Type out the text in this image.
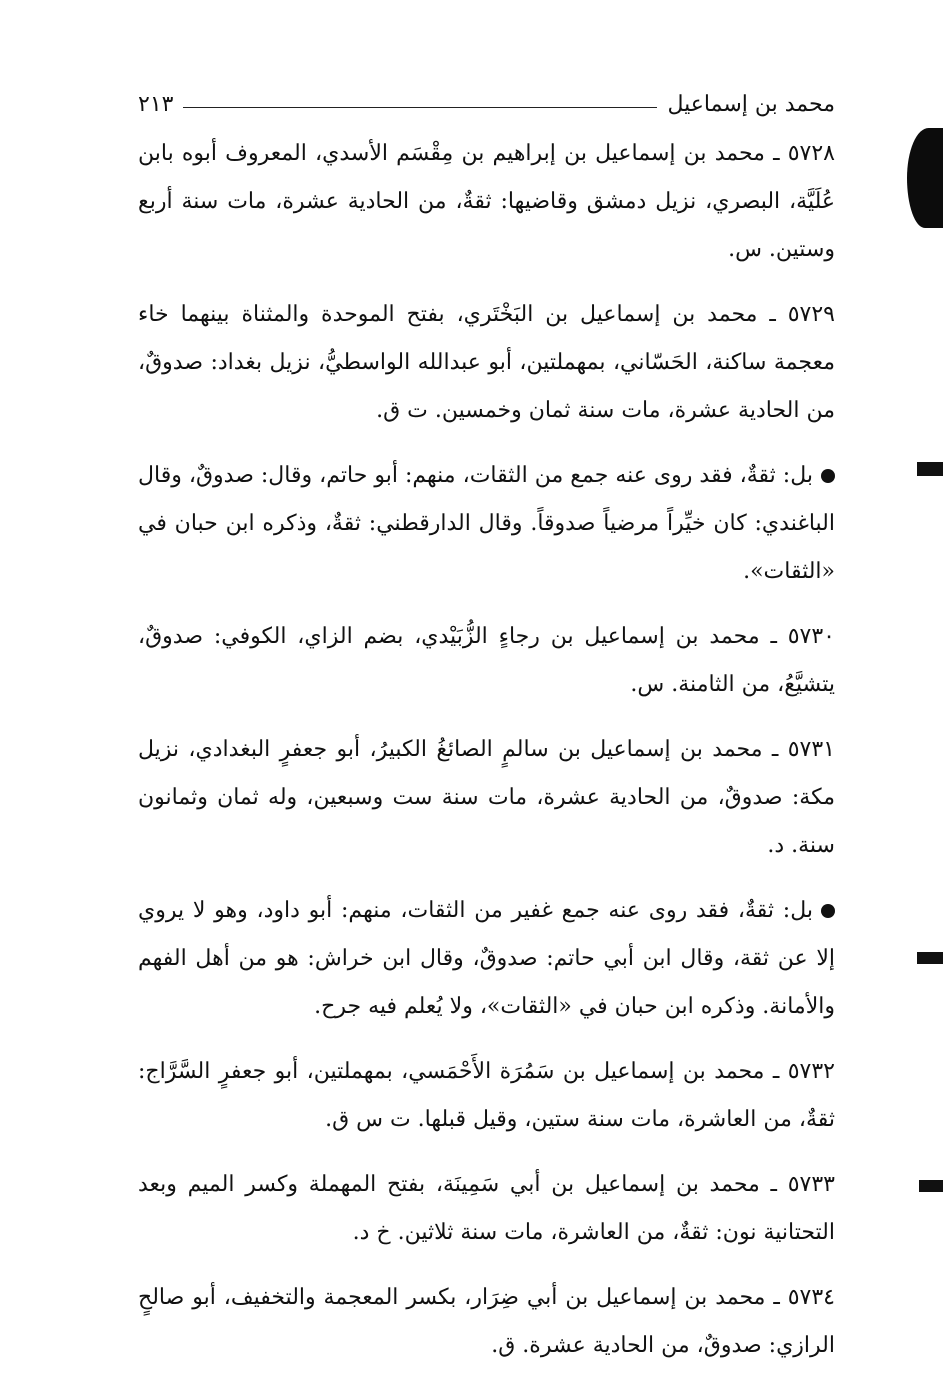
محمد بن إسماعيل
٢١٣

٥٧٢٨ ـ محمد بن إسماعيل بن إبراهيم بن مِقْسَم الأسدي، المعروف أبوه بابن عُلَيَّة، البصري، نزيل دمشق وقاضيها: ثقةٌ، من الحادية عشرة، مات سنة أربع وستين. س.

٥٧٢٩ ـ محمد بن إسماعيل بن البَخْتَري، بفتح الموحدة والمثناة بينهما خاء معجمة ساكنة، الحَسّاني، بمهملتين، أبو عبدالله الواسطيُّ، نزيل بغداد: صدوقٌ، من الحادية عشرة، مات سنة ثمان وخمسين. ت ق.

بل: ثقةٌ، فقد روى عنه جمع من الثقات، منهم: أبو حاتم، وقال: صدوقٌ، وقال الباغندي: كان خيِّراً مرضياً صدوقاً. وقال الدارقطني: ثقةٌ، وذكره ابن حبان في «الثقات».

٥٧٣٠ ـ محمد بن إسماعيل بن رجاءٍ الزُّبَيْدي، بضم الزاي، الكوفي: صدوقٌ، يتشيَّعُ، من الثامنة. س.

٥٧٣١ ـ محمد بن إسماعيل بن سالمٍ الصائغُ الكبيرُ، أبو جعفرٍ البغدادي، نزيل مكة: صدوقٌ، من الحادية عشرة، مات سنة ست وسبعين، وله ثمان وثمانون سنة. د.

بل: ثقةٌ، فقد روى عنه جمع غفير من الثقات، منهم: أبو داود، وهو لا يروي إلا عن ثقة، وقال ابن أبي حاتم: صدوقٌ، وقال ابن خراش: هو من أهل الفهم والأمانة. وذكره ابن حبان في «الثقات»، ولا يُعلم فيه جرح.

٥٧٣٢ ـ محمد بن إسماعيل بن سَمُرَة الأَحْمَسي، بمهملتين، أبو جعفرٍ السَّرَّاج: ثقةٌ، من العاشرة، مات سنة ستين، وقيل قبلها. ت س ق.

٥٧٣٣ ـ محمد بن إسماعيل بن أبي سَمِينَة، بفتح المهملة وكسر الميم وبعد التحتانية نون: ثقةٌ، من العاشرة، مات سنة ثلاثين. خ د.

٥٧٣٤ ـ محمد بن إسماعيل بن أبي ضِرَار، بكسر المعجمة والتخفيف، أبو صالحٍ الرازي: صدوقٌ، من الحادية عشرة. ق.
